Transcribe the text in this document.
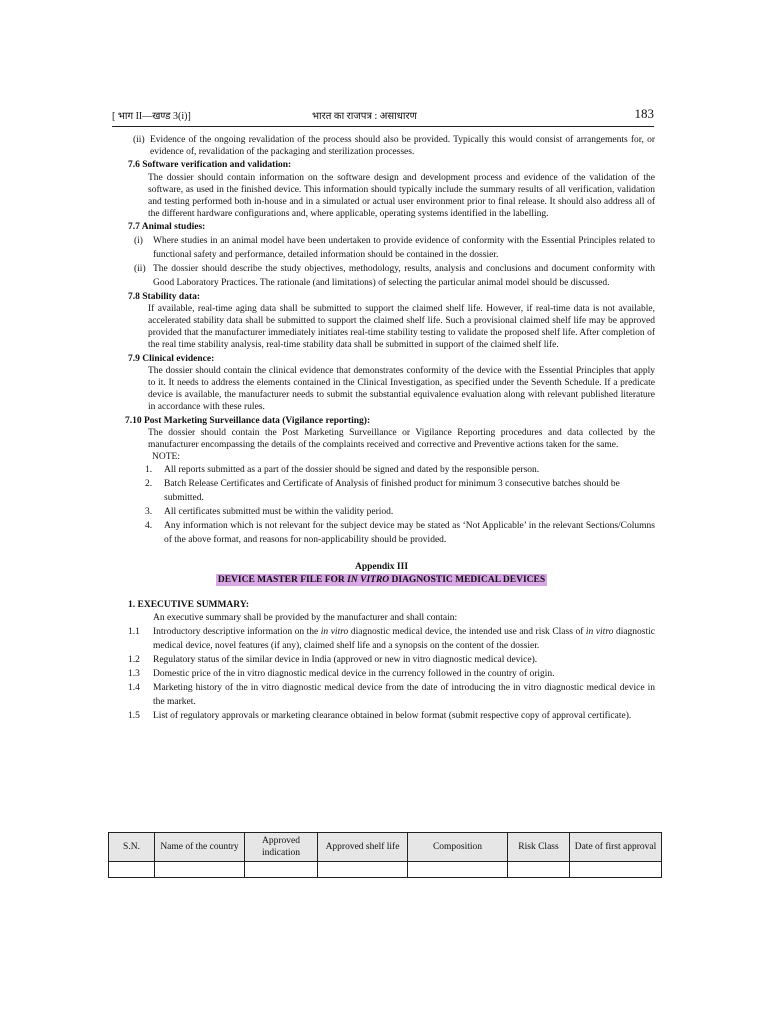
[ भाग II—खण्ड 3(i)]	भारत का राजपत्र : असाधारण	183
(ii) Evidence of the ongoing revalidation of the process should also be provided. Typically this would consist of arrangements for, or evidence of, revalidation of the packaging and sterilization processes.
7.6 Software verification and validation:
The dossier should contain information on the software design and development process and evidence of the validation of the software, as used in the finished device. This information should typically include the summary results of all verification, validation and testing performed both in-house and in a simulated or actual user environment prior to final release. It should also address all of the different hardware configurations and, where applicable, operating systems identified in the labelling.
7.7 Animal studies:
(i) Where studies in an animal model have been undertaken to provide evidence of conformity with the Essential Principles related to functional safety and performance, detailed information should be contained in the dossier.
(ii) The dossier should describe the study objectives, methodology, results, analysis and conclusions and document conformity with Good Laboratory Practices. The rationale (and limitations) of selecting the particular animal model should be discussed.
7.8 Stability data:
If available, real-time aging data shall be submitted to support the claimed shelf life. However, if real-time data is not available, accelerated stability data shall be submitted to support the claimed shelf life. Such a provisional claimed shelf life may be approved provided that the manufacturer immediately initiates real-time stability testing to validate the proposed shelf life. After completion of the real time stability analysis, real-time stability data shall be submitted in support of the claimed shelf life.
7.9 Clinical evidence:
The dossier should contain the clinical evidence that demonstrates conformity of the device with the Essential Principles that apply to it. It needs to address the elements contained in the Clinical Investigation, as specified under the Seventh Schedule. If a predicate device is available, the manufacturer needs to submit the substantial equivalence evaluation along with relevant published literature in accordance with these rules.
7.10 Post Marketing Surveillance data (Vigilance reporting):
The dossier should contain the Post Marketing Surveillance or Vigilance Reporting procedures and data collected by the manufacturer encompassing the details of the complaints received and corrective and Preventive actions taken for the same.
NOTE:
1. All reports submitted as a part of the dossier should be signed and dated by the responsible person.
2. Batch Release Certificates and Certificate of Analysis of finished product for minimum 3 consecutive batches should be submitted.
3. All certificates submitted must be within the validity period.
4. Any information which is not relevant for the subject device may be stated as ‘Not Applicable’ in the relevant Sections/Columns of the above format, and reasons for non-applicability should be provided.
Appendix III
DEVICE MASTER FILE FOR IN VITRO DIAGNOSTIC MEDICAL DEVICES
1. EXECUTIVE SUMMARY:
An executive summary shall be provided by the manufacturer and shall contain:
1.1 Introductory descriptive information on the in vitro diagnostic medical device, the intended use and risk Class of in vitro diagnostic medical device, novel features (if any), claimed shelf life and a synopsis on the content of the dossier.
1.2 Regulatory status of the similar device in India (approved or new in vitro diagnostic medical device).
1.3 Domestic price of the in vitro diagnostic medical device in the currency followed in the country of origin.
1.4 Marketing history of the in vitro diagnostic medical device from the date of introducing the in vitro diagnostic medical device in the market.
1.5 List of regulatory approvals or marketing clearance obtained in below format (submit respective copy of approval certificate).
S.N.	Name of the country	Approved indication	Approved shelf life	Composition	Risk Class	Date of first approval
